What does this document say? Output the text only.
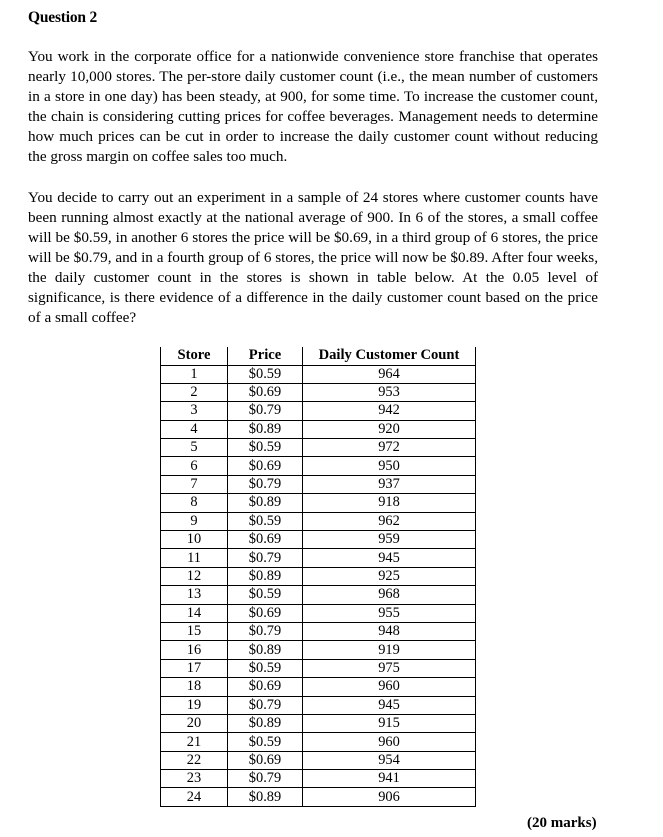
Question 2

You work in the corporate office for a nationwide convenience store franchise that operates nearly 10,000 stores. The per-store daily customer count (i.e., the mean number of customers in a store in one day) has been steady, at 900, for some time. To increase the customer count, the chain is considering cutting prices for coffee beverages. Management needs to determine how much prices can be cut in order to increase the daily customer count without reducing the gross margin on coffee sales too much.

You decide to carry out an experiment in a sample of 24 stores where customer counts have been running almost exactly at the national average of 900. In 6 of the stores, a small coffee will be $0.59, in another 6 stores the price will be $0.69, in a third group of 6 stores, the price will be $0.79, and in a fourth group of 6 stores, the price will now be $0.89. After four weeks, the daily customer count in the stores is shown in table below. At the 0.05 level of significance, is there evidence of a difference in the daily customer count based on the price of a small coffee?

Store	Price	Daily Customer Count
1	$0.59	964
2	$0.69	953
3	$0.79	942
4	$0.89	920
5	$0.59	972
6	$0.69	950
7	$0.79	937
8	$0.89	918
9	$0.59	962
10	$0.69	959
11	$0.79	945
12	$0.89	925
13	$0.59	968
14	$0.69	955
15	$0.79	948
16	$0.89	919
17	$0.59	975
18	$0.69	960
19	$0.79	945
20	$0.89	915
21	$0.59	960
22	$0.69	954
23	$0.79	941
24	$0.89	906
(20 marks)
